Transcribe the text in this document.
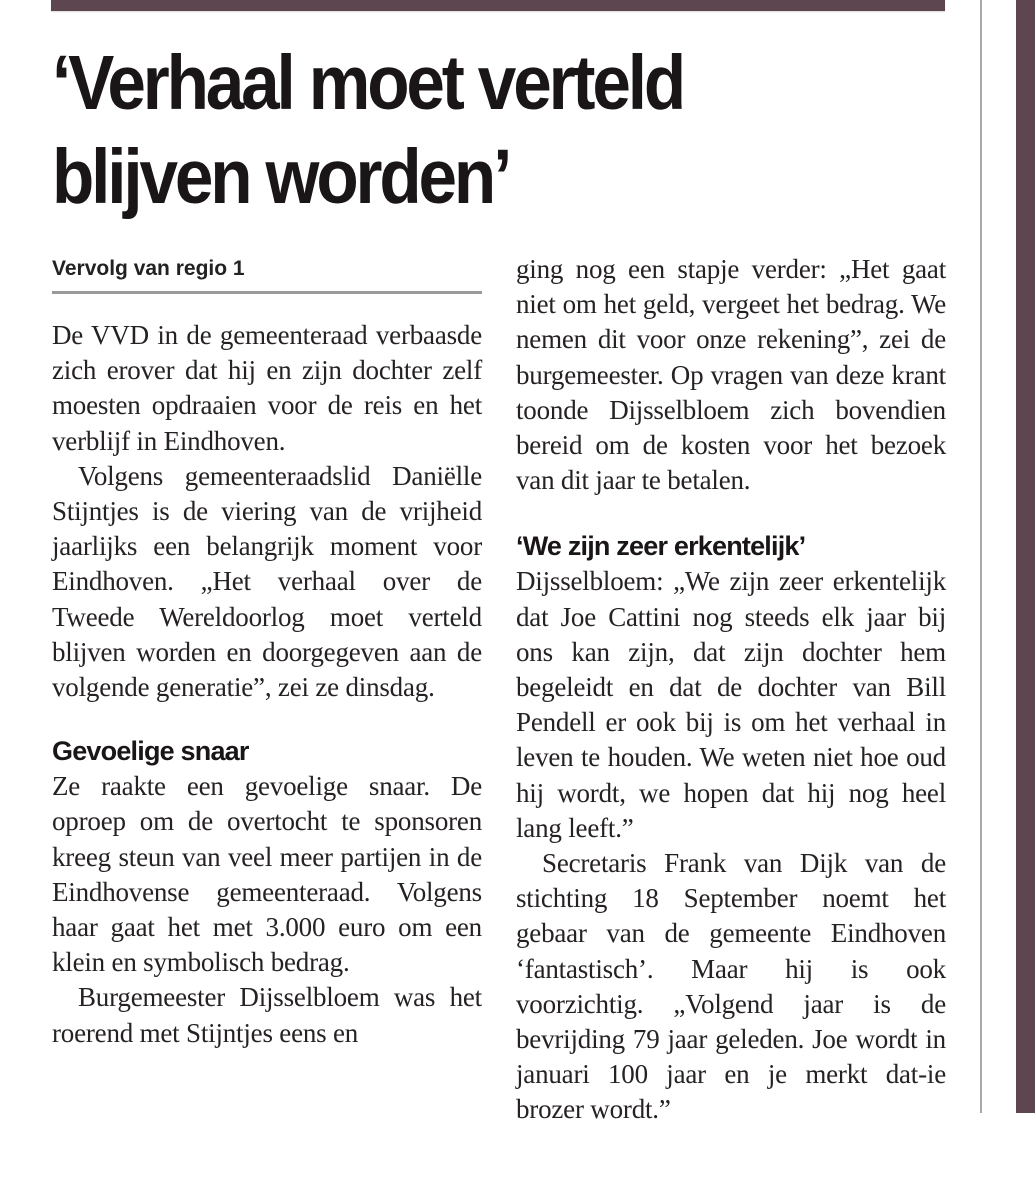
‘Verhaal moet verteld blijven worden’

Vervolg van regio 1

De VVD in de gemeenteraad verbaasde zich erover dat hij en zijn dochter zelf moesten opdraaien voor de reis en het verblijf in Eindhoven.

Volgens gemeenteraadslid Daniëlle Stijntjes is de viering van de vrijheid jaarlijks een belangrijk moment voor Eindhoven. „Het verhaal over de Tweede Wereldoorlog moet verteld blijven worden en doorgegeven aan de volgende generatie”, zei ze dinsdag.

Gevoelige snaar

Ze raakte een gevoelige snaar. De oproep om de overtocht te sponsoren kreeg steun van veel meer partijen in de Eindhovense gemeenteraad. Volgens haar gaat het met 3.000 euro om een klein en symbolisch bedrag.

Burgemeester Dijsselbloem was het roerend met Stijntjes eens en

ging nog een stapje verder: „Het gaat niet om het geld, vergeet het bedrag. We nemen dit voor onze rekening”, zei de burgemeester. Op vragen van deze krant toonde Dijsselbloem zich bovendien bereid om de kosten voor het bezoek van dit jaar te betalen.

‘We zijn zeer erkentelijk’

Dijsselbloem: „We zijn zeer erkentelijk dat Joe Cattini nog steeds elk jaar bij ons kan zijn, dat zijn dochter hem begeleidt en dat de dochter van Bill Pendell er ook bij is om het verhaal in leven te houden. We weten niet hoe oud hij wordt, we hopen dat hij nog heel lang leeft.”

Secretaris Frank van Dijk van de stichting 18 September noemt het gebaar van de gemeente Eindhoven ‘fantastisch’. Maar hij is ook voorzichtig. „Volgend jaar is de bevrijding 79 jaar geleden. Joe wordt in januari 100 jaar en je merkt dat-ie brozer wordt.”
